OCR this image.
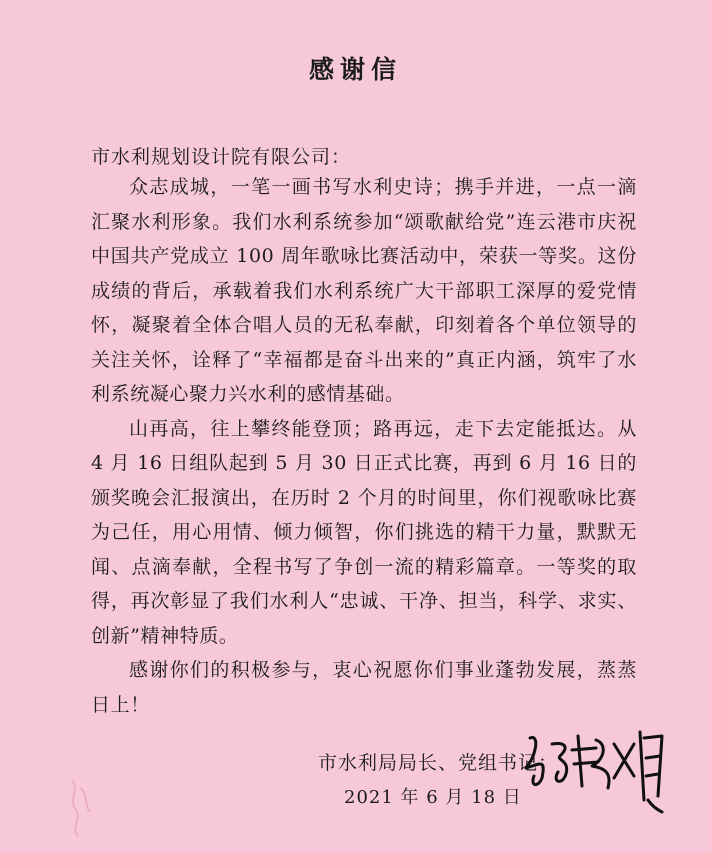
感谢信
市水利规划设计院有限公司：

众志成城，一笔一画书写水利史诗；携手并进，一点一滴汇聚水利形象。我们水利系统参加“颂歌献给党”连云港市庆祝中国共产党成立 100 周年歌咏比赛活动中，荣获一等奖。这份成绩的背后，承载着我们水利系统广大干部职工深厚的爱党情怀，凝聚着全体合唱人员的无私奉献，印刻着各个单位领导的关注关怀，诠释了“幸福都是奋斗出来的”真正内涵，筑牢了水利系统凝心聚力兴水利的感情基础。

山再高，往上攀终能登顶；路再远，走下去定能抵达。从 4 月 16 日组队起到 5 月 30 日正式比赛，再到 6 月 16 日的颁奖晚会汇报演出，在历时 2 个月的时间里，你们视歌咏比赛为己任，用心用情、倾力倾智，你们挑选的精干力量，默默无闻、点滴奉献，全程书写了争创一流的精彩篇章。一等奖的取得，再次彰显了我们水利人“忠诚、干净、担当，科学、求实、创新”精神特质。

感谢你们的积极参与，衷心祝愿你们事业蓬勃发展，蒸蒸日上！

市水利局局长、党组书记：
2021 年 6 月 18 日
